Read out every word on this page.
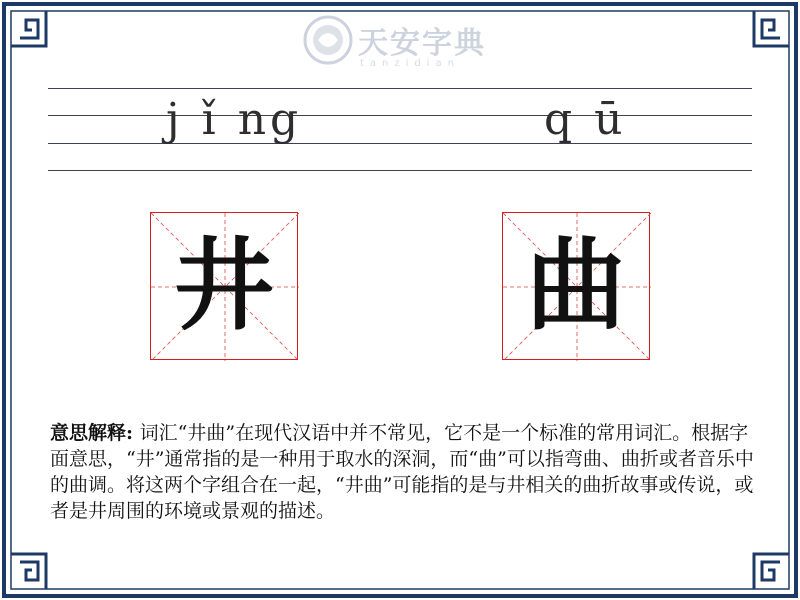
天安字典
tanzidian
j ǐ ng	q ū
井	曲
意思解释: 词汇“井曲”在现代汉语中并不常见，它不是一个标准的常用词汇。根据字面意思，“井”通常指的是一种用于取水的深洞，而“曲”可以指弯曲、曲折或者音乐中的曲调。将这两个字组合在一起，“井曲”可能指的是与井相关的曲折故事或传说，或者是井周围的环境或景观的描述。
